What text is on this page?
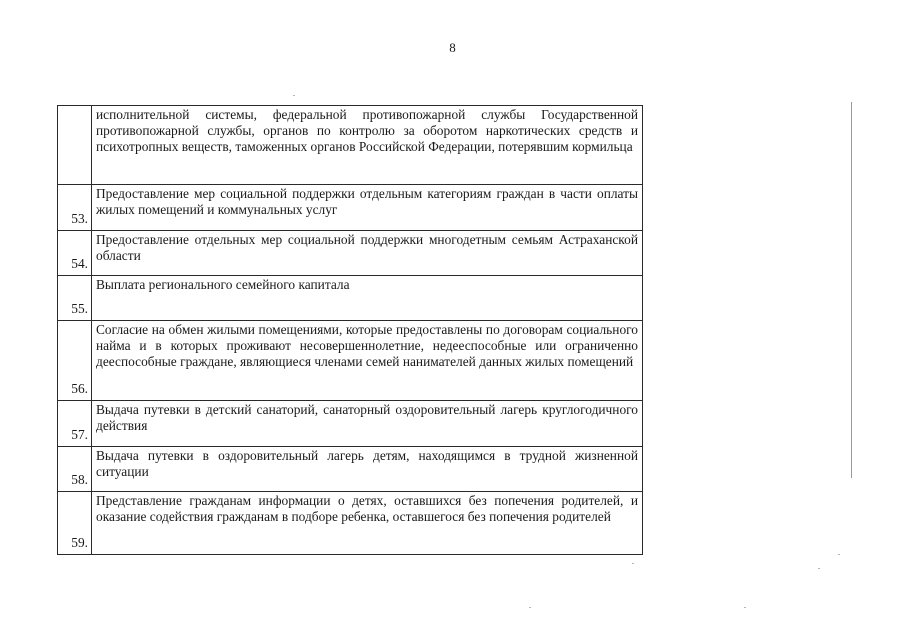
8
	исполнительной системы, федеральной противопожарной службы Государственной противопожарной службы, органов по контролю за оборотом наркотических средств и психотропных веществ, таможенных органов Российской Федерации, потерявшим кормильца
53.	Предоставление мер социальной поддержки отдельным категориям граждан в части оплаты жилых помещений и коммунальных услуг
54.	Предоставление отдельных мер социальной поддержки многодетным семьям Астраханской области
55.	Выплата регионального семейного капитала
56.	Согласие на обмен жилыми помещениями, которые предоставлены по договорам социального найма и в которых проживают несовершеннолетние, недееспособные или ограниченно дееспособные граждане, являющиеся членами семей нанимателей данных жилых помещений
57.	Выдача путевки в детский санаторий, санаторный оздоровительный лагерь круглогодичного действия
58.	Выдача путевки в оздоровительный лагерь детям, находящимся в трудной жизненной ситуации
59.	Представление гражданам информации о детях, оставшихся без попечения родителей, и оказание содействия гражданам в подборе ребенка, оставшегося без попечения родителей
